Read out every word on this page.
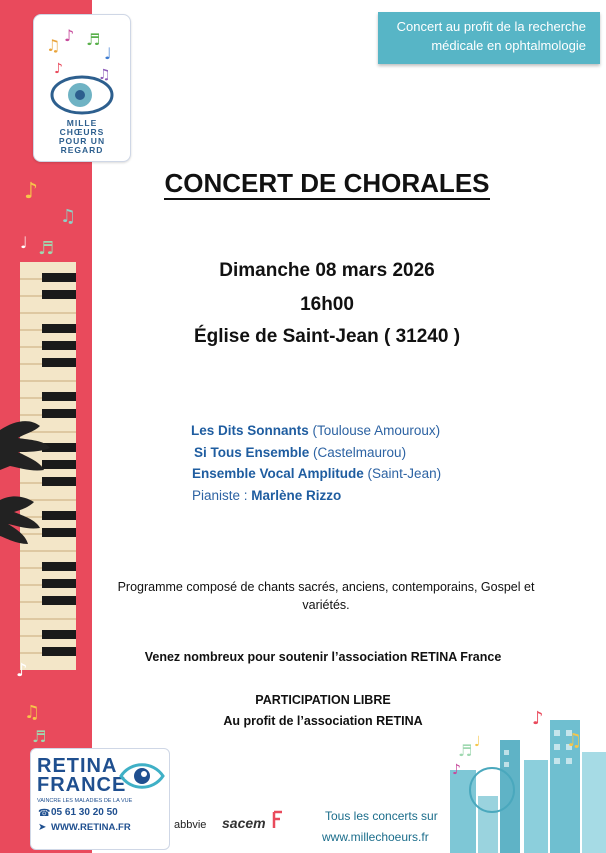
♪
♫
♩ ♬
♪
♫
♬
♫
♪ ♬
♩
♪	♫
MILLE
CHŒURS
POUR UN
REGARD
Concert au profit de la recherche
médicale en ophtalmologie
CONCERT DE CHORALES
Dimanche 08 mars 2026
16h00
Église de Saint-Jean ( 31240 )
Les Dits Sonnants (Toulouse Amouroux)
Si Tous Ensemble (Castelmaurou)
Ensemble Vocal Amplitude (Saint-Jean)
Pianiste : Marlène Rizzo
Programme composé de chants sacrés, anciens, contemporains, Gospel et
variétés.
Venez nombreux pour soutenir l’association RETINA France
PARTICIPATION LIBRE
Au profit de l’association RETINA	♪
♫
♬ ♩
♪
RETINA
FRANCE
VAINCRE LES MALADIES DE LA VUE
☎ 05 61 30 20 50
➤ WWW.RETINA.FR	abbvie sacem	Tous les concerts sur
www.millechoeurs.fr
